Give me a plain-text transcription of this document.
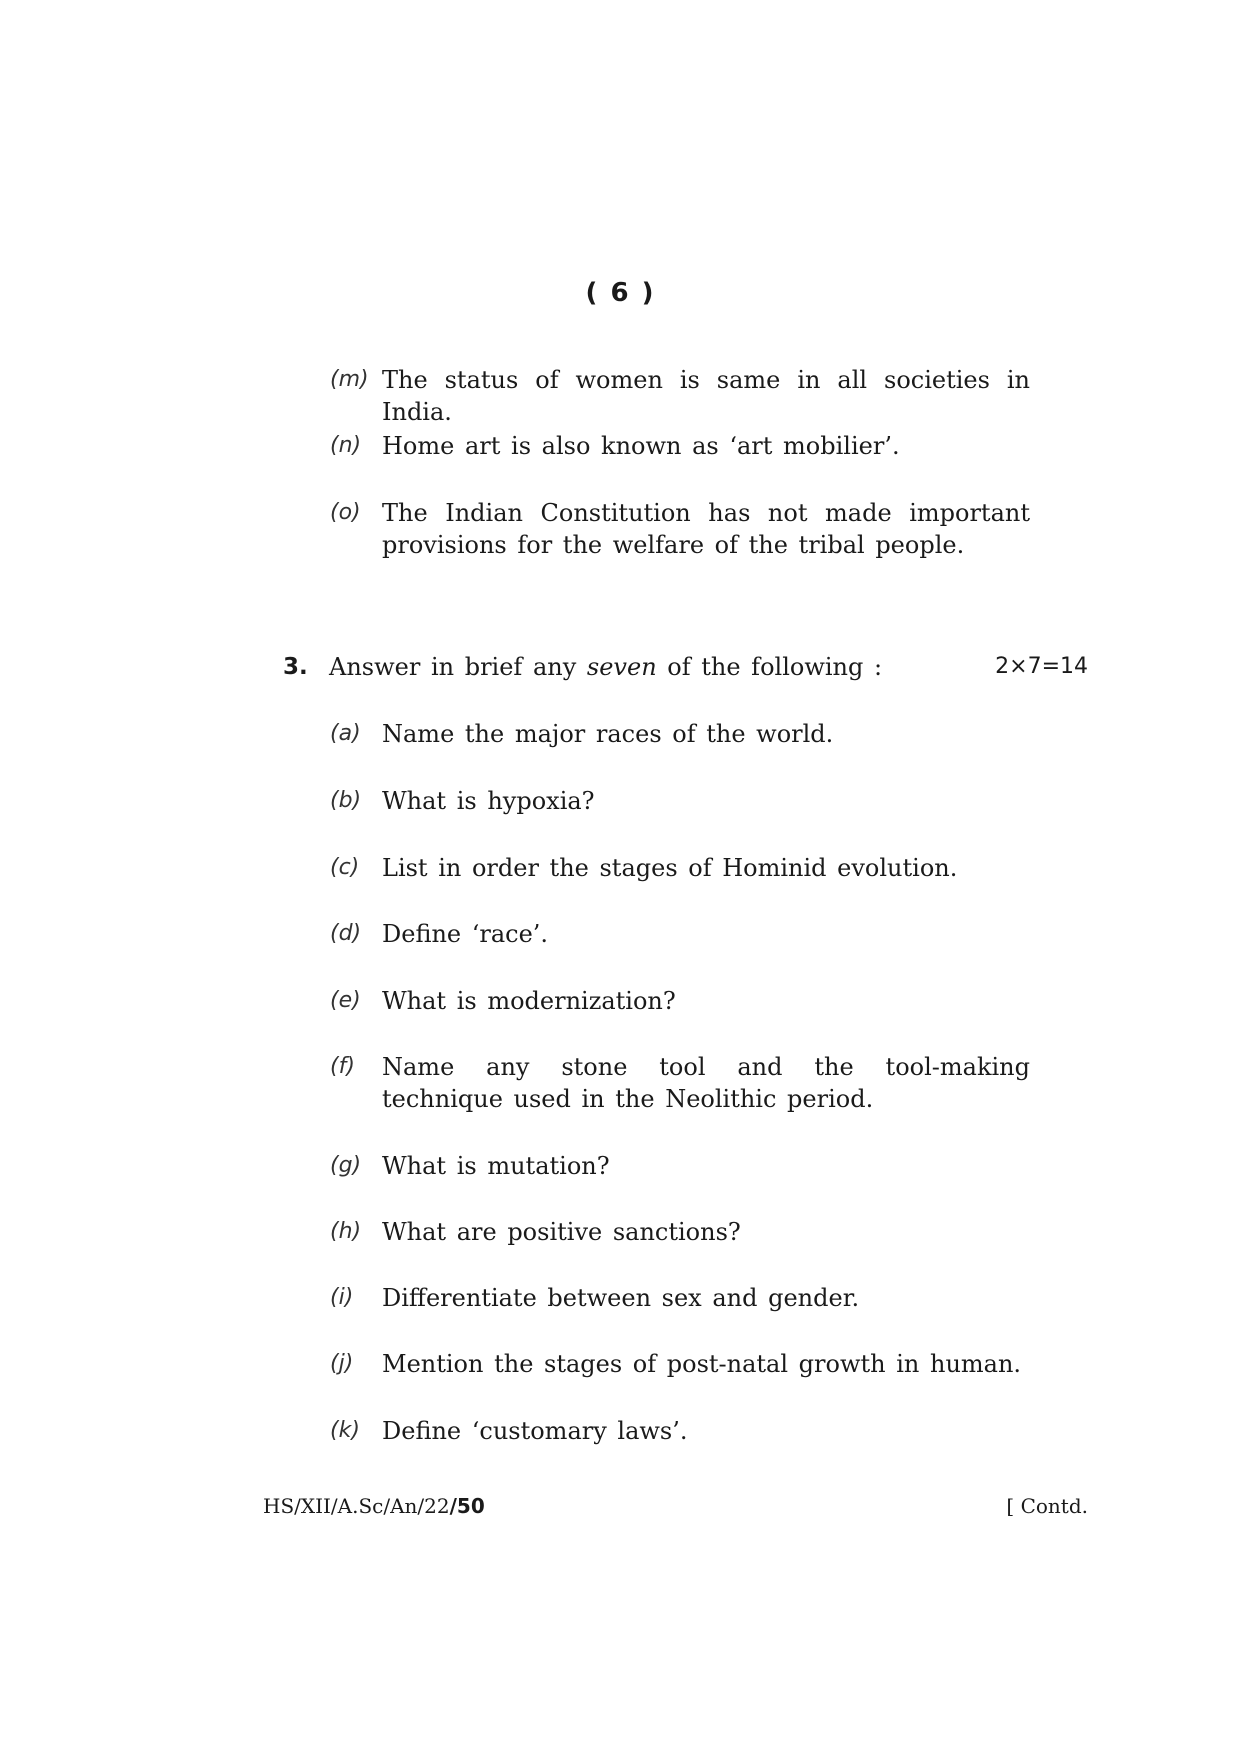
( 6 )
(m) The status of women is same in all societies in India.
(n) Home art is also known as ‘art mobilier’.
(o) The Indian Constitution has not made important provisions for the welfare of the tribal people.
3. Answer in brief any seven of the following :	2×7=14
(a) Name the major races of the world.
(b) What is hypoxia?
(c) List in order the stages of Hominid evolution.
(d) Define ‘race’.
(e) What is modernization?
(f) Name any stone tool and the tool-making technique used in the Neolithic period.
(g) What is mutation?
(h) What are positive sanctions?
(i) Differentiate between sex and gender.
(j) Mention the stages of post-natal growth in human.
(k) Define ‘customary laws’.
HS/XII/A.Sc/An/22/50	[ Contd.
